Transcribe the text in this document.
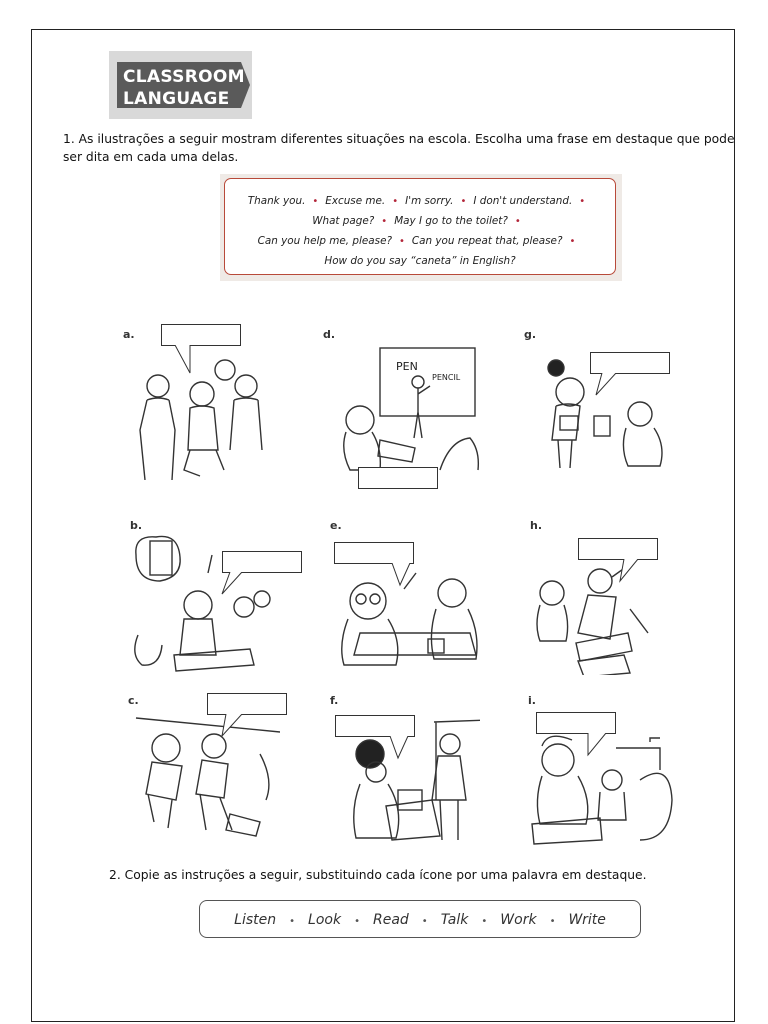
CLASSROOM
LANGUAGE
1. As ilustrações a seguir mostram diferentes situações na escola. Escolha uma frase em destaque que pode ser dita em cada uma delas.
Thank you. • Excuse me. • I'm sorry. • I don't understand. •
What page? • May I go to the toilet? •
Can you help me, please? • Can you repeat that, please? •
How do you say “caneta” in English?
a.	d.
PEN
PENCIL
g.
b.	e.	h.
c.	f.	i.
2. Copie as instruções a seguir, substituindo cada ícone por uma palavra em destaque.
Listen • Look • Read • Talk • Work • Write
